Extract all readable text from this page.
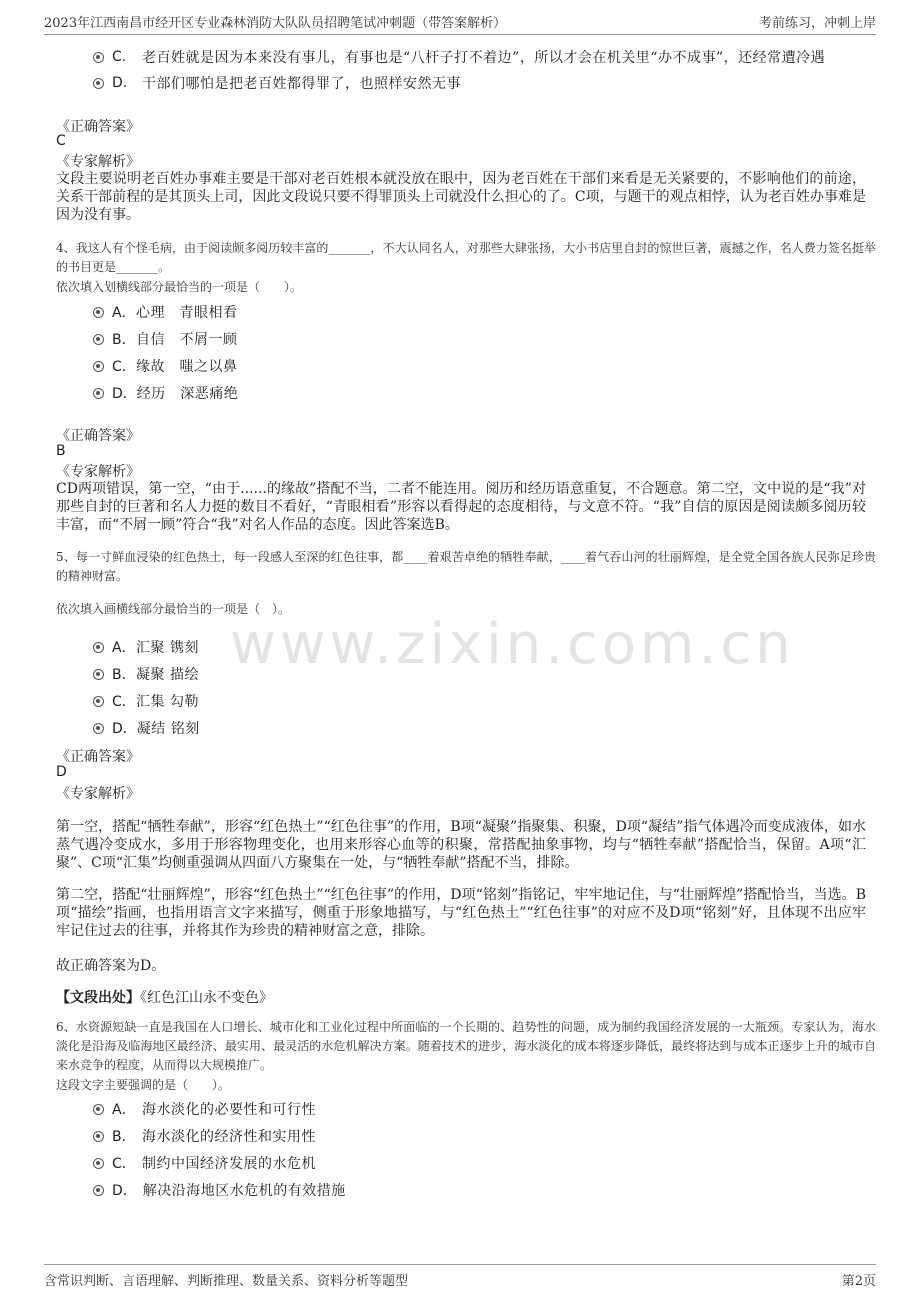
2023年江西南昌市经开区专业森林消防大队队员招聘笔试冲刺题（带答案解析）	考前练习，冲刺上岸
www.zixin.com.cn
C.	老百姓就是因为本来没有事儿，有事也是“八杆子打不着边”，所以才会在机关里“办不成事”，还经常遭冷遇
D.	干部们哪怕是把老百姓都得罪了，也照样安然无事
《正确答案》
C
《专家解析》
文段主要说明老百姓办事难主要是干部对老百姓根本就没放在眼中，因为老百姓在干部们来看是无关紧要的，不影响他们的前途，关系干部前程的是其顶头上司，因此文段说只要不得罪顶头上司就没什么担心的了。C项，与题干的观点相悖，认为老百姓办事难是因为没有事。
4、我这人有个怪毛病，由于阅读颇多阅历较丰富的_______，不大认同名人，对那些大肆张扬，大小书店里自封的惊世巨著，震撼之作，名人费力签名挺举的书目更是_______。
依次填入划横线部分最恰当的一项是（　　）。
A． 心理　青眼相看
B． 自信　不屑一顾
C． 缘故　嗤之以鼻
D． 经历　深恶痛绝
《正确答案》
B
《专家解析》
CD两项错误，第一空，“由于......的缘故”搭配不当，二者不能连用。阅历和经历语意重复，不合题意。第二空，文中说的是“我”对那些自封的巨著和名人力挺的数目不看好，“青眼相看”形容以看得起的态度相待，与文意不符。“我”自信的原因是阅读颇多阅历较丰富，而“不屑一顾”符合“我”对名人作品的态度。因此答案选B。
5、每一寸鲜血浸染的红色热土，每一段感人至深的红色往事，都____着艰苦卓绝的牺牲奉献，____着气吞山河的壮丽辉煌，是全党全国各族人民弥足珍贵的精神财富。
依次填入画横线部分最恰当的一项是（　）。
A． 汇聚 镌刻
B． 凝聚 描绘
C． 汇集 勾勒
D． 凝结 铭刻
《正确答案》
D
《专家解析》
第一空，搭配“牺牲奉献”，形容“红色热土”“红色往事”的作用，B项“凝聚”指聚集、积聚，D项“凝结”指气体遇冷而变成液体，如水蒸气遇冷变成水，多用于形容物理变化，也用来形容心血等的积聚，常搭配抽象事物，均与“牺牲奉献”搭配恰当，保留。A项“汇聚”、C项“汇集”均侧重强调从四面八方聚集在一处，与“牺牲奉献”搭配不当，排除。
第二空，搭配“壮丽辉煌”，形容“红色热土”“红色往事”的作用，D项“铭刻”指铭记，牢牢地记住，与“壮丽辉煌”搭配恰当，当选。B项“描绘”指画，也指用语言文字来描写，侧重于形象地描写，与“红色热土”“红色往事”的对应不及D项“铭刻”好，且体现不出应牢牢记住过去的往事，并将其作为珍贵的精神财富之意，排除。
故正确答案为D。
【文段出处】《红色江山永不变色》
6、水资源短缺一直是我国在人口增长、城市化和工业化过程中所面临的一个长期的、趋势性的问题，成为制约我国经济发展的一大瓶颈。专家认为，海水淡化是沿海及临海地区最经济、最实用、最灵活的水危机解决方案。随着技术的进步，海水淡化的成本将逐步降低，最终将达到与成本正逐步上升的城市自来水竞争的程度，从而得以大规模推广。
这段文字主要强调的是（　　）。
A． 海水淡化的必要性和可行性
B． 海水淡化的经济性和实用性
C． 制约中国经济发展的水危机
D． 解决沿海地区水危机的有效措施
含常识判断、言语理解、判断推理、数量关系、资料分析等题型	第2页
